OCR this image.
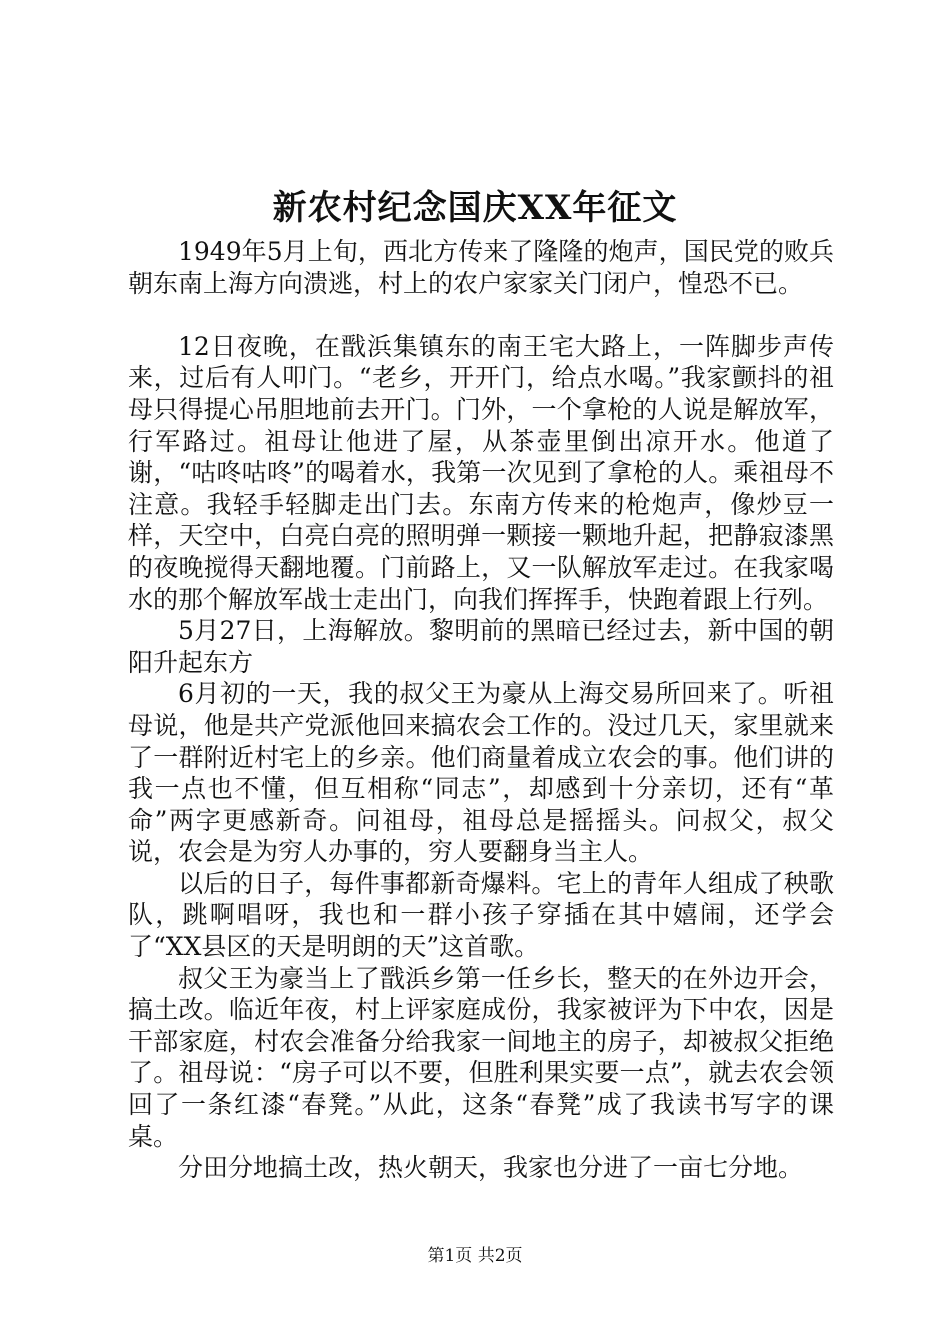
新农村纪念国庆XX年征文

1949年5月上旬，西北方传来了隆隆的炮声，国民党的败兵朝东南上海方向溃逃，村上的农户家家关门闭户，惶恐不已。

12日夜晚，在戬浜集镇东的南王宅大路上，一阵脚步声传来，过后有人叩门。“老乡，开开门，给点水喝。”我家颤抖的祖母只得提心吊胆地前去开门。门外，一个拿枪的人说是解放军，行军路过。祖母让他进了屋，从茶壶里倒出凉开水。他道了谢，“咕咚咕咚”的喝着水，我第一次见到了拿枪的人。乘祖母不注意。我轻手轻脚走出门去。东南方传来的枪炮声，像炒豆一样，天空中，白亮白亮的照明弹一颗接一颗地升起，把静寂漆黑的夜晚搅得天翻地覆。门前路上，又一队解放军走过。在我家喝水的那个解放军战士走出门，向我们挥挥手，快跑着跟上行列。

5月27日，上海解放。黎明前的黑暗已经过去，新中国的朝阳升起东方

6月初的一天，我的叔父王为豪从上海交易所回来了。听祖母说，他是共产党派他回来搞农会工作的。没过几天，家里就来了一群附近村宅上的乡亲。他们商量着成立农会的事。他们讲的我一点也不懂，但互相称“同志”，却感到十分亲切，还有“革命”两字更感新奇。问祖母，祖母总是摇摇头。问叔父，叔父说，农会是为穷人办事的，穷人要翻身当主人。

以后的日子，每件事都新奇爆料。宅上的青年人组成了秧歌队，跳啊唱呀，我也和一群小孩子穿插在其中嬉闹，还学会了“XX县区的天是明朗的天”这首歌。

叔父王为豪当上了戬浜乡第一任乡长，整天的在外边开会，搞土改。临近年夜，村上评家庭成份，我家被评为下中农，因是干部家庭，村农会准备分给我家一间地主的房子，却被叔父拒绝了。祖母说：“房子可以不要，但胜利果实要一点”，就去农会领回了一条红漆“春凳。”从此，这条“春凳”成了我读书写字的课桌。

分田分地搞土改，热火朝天，我家也分进了一亩七分地。

第1页 共2页
